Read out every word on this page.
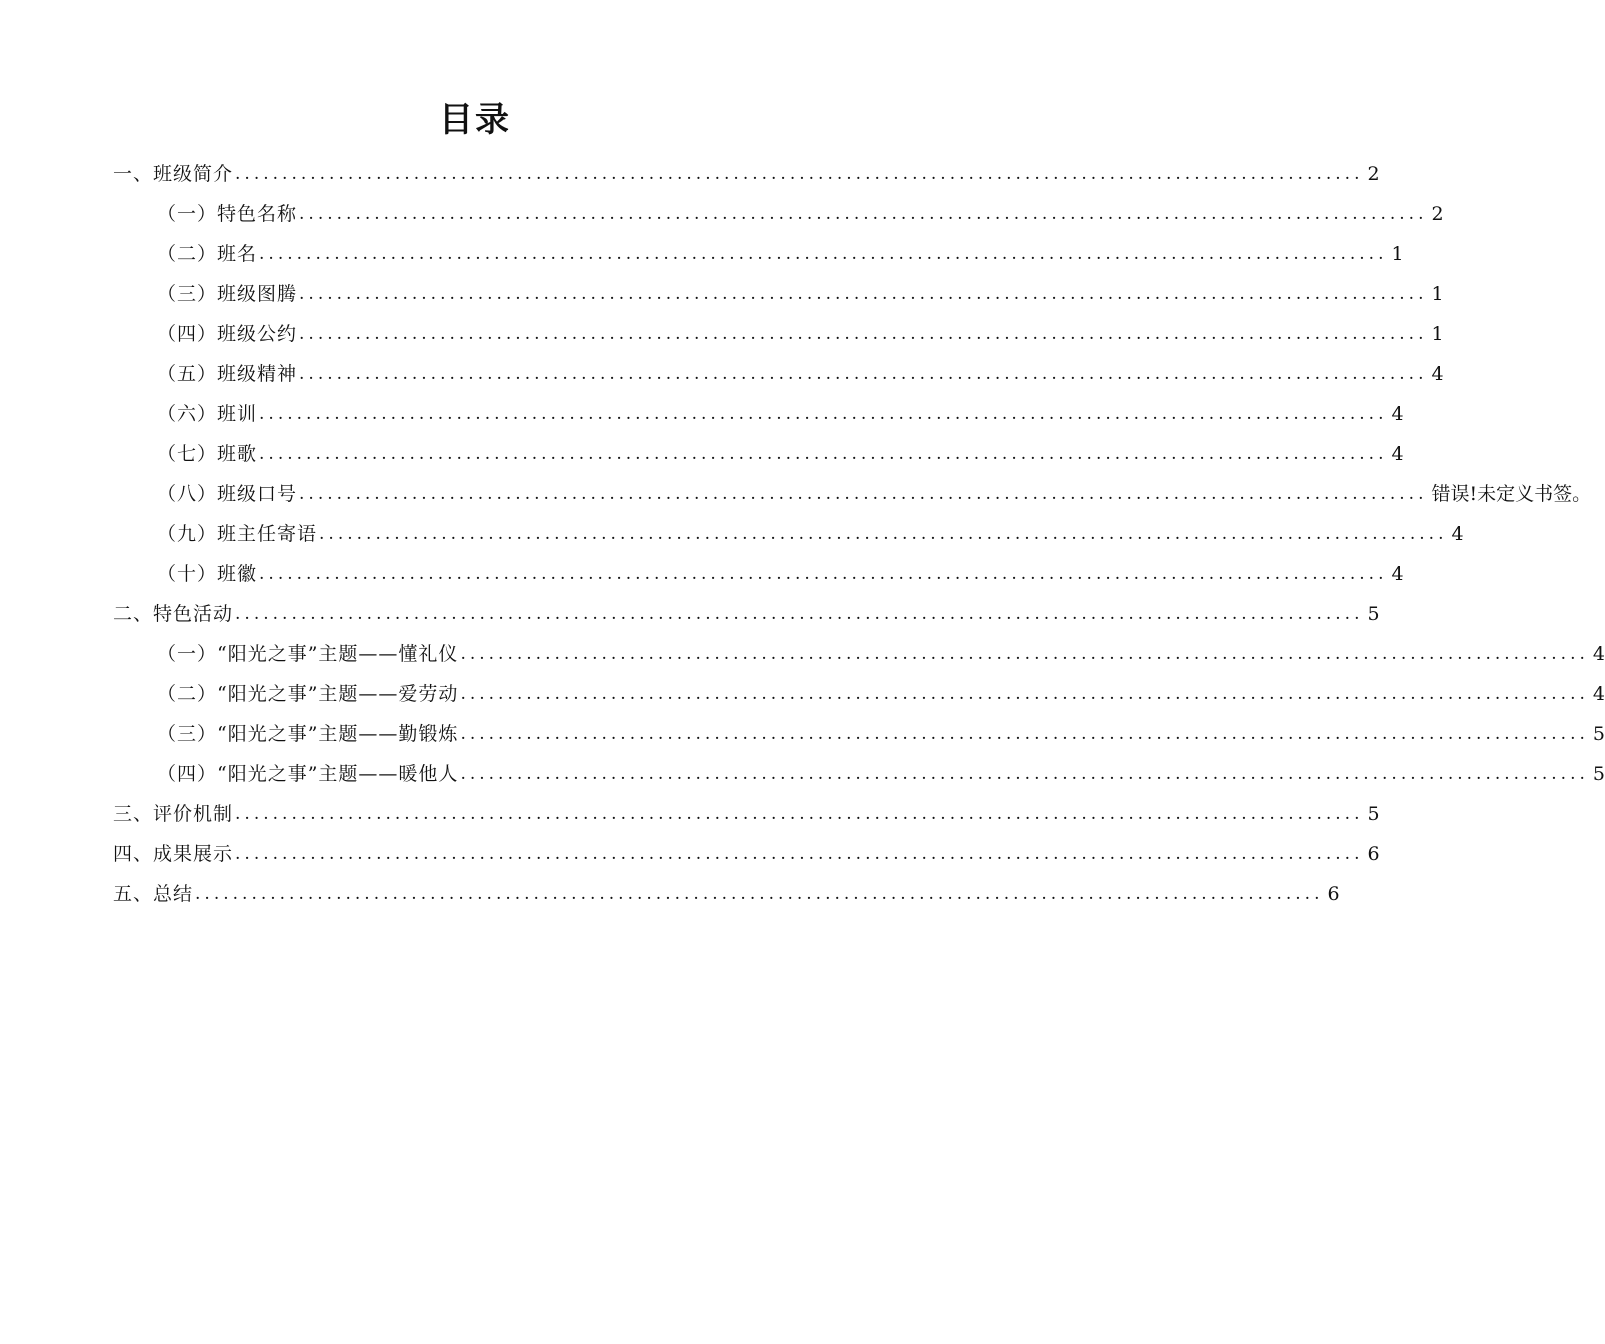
目录
一、班级简介 ........................................................................................................................ 2
（一）特色名称 ........................................................................................................................ 2
（二）班名 ........................................................................................................................ 1
（三）班级图腾 ........................................................................................................................ 1
（四）班级公约 ........................................................................................................................ 1
（五）班级精神 ........................................................................................................................ 4
（六）班训 ........................................................................................................................ 4
（七）班歌 ........................................................................................................................ 4
（八）班级口号 ........................................................................................................................ 错误!未定义书签。
（九）班主任寄语 ........................................................................................................................ 4
（十）班徽 ........................................................................................................................ 4
二、特色活动 ........................................................................................................................ 5
（一）“阳光之事”主题——懂礼仪 ........................................................................................................................ 4
（二）“阳光之事”主题——爱劳动 ........................................................................................................................ 4
（三）“阳光之事”主题——勤锻炼 ........................................................................................................................ 5
（四）“阳光之事”主题——暖他人 ........................................................................................................................ 5
三、评价机制 ........................................................................................................................ 5
四、成果展示 ........................................................................................................................ 6
五、总结 ........................................................................................................................ 6
